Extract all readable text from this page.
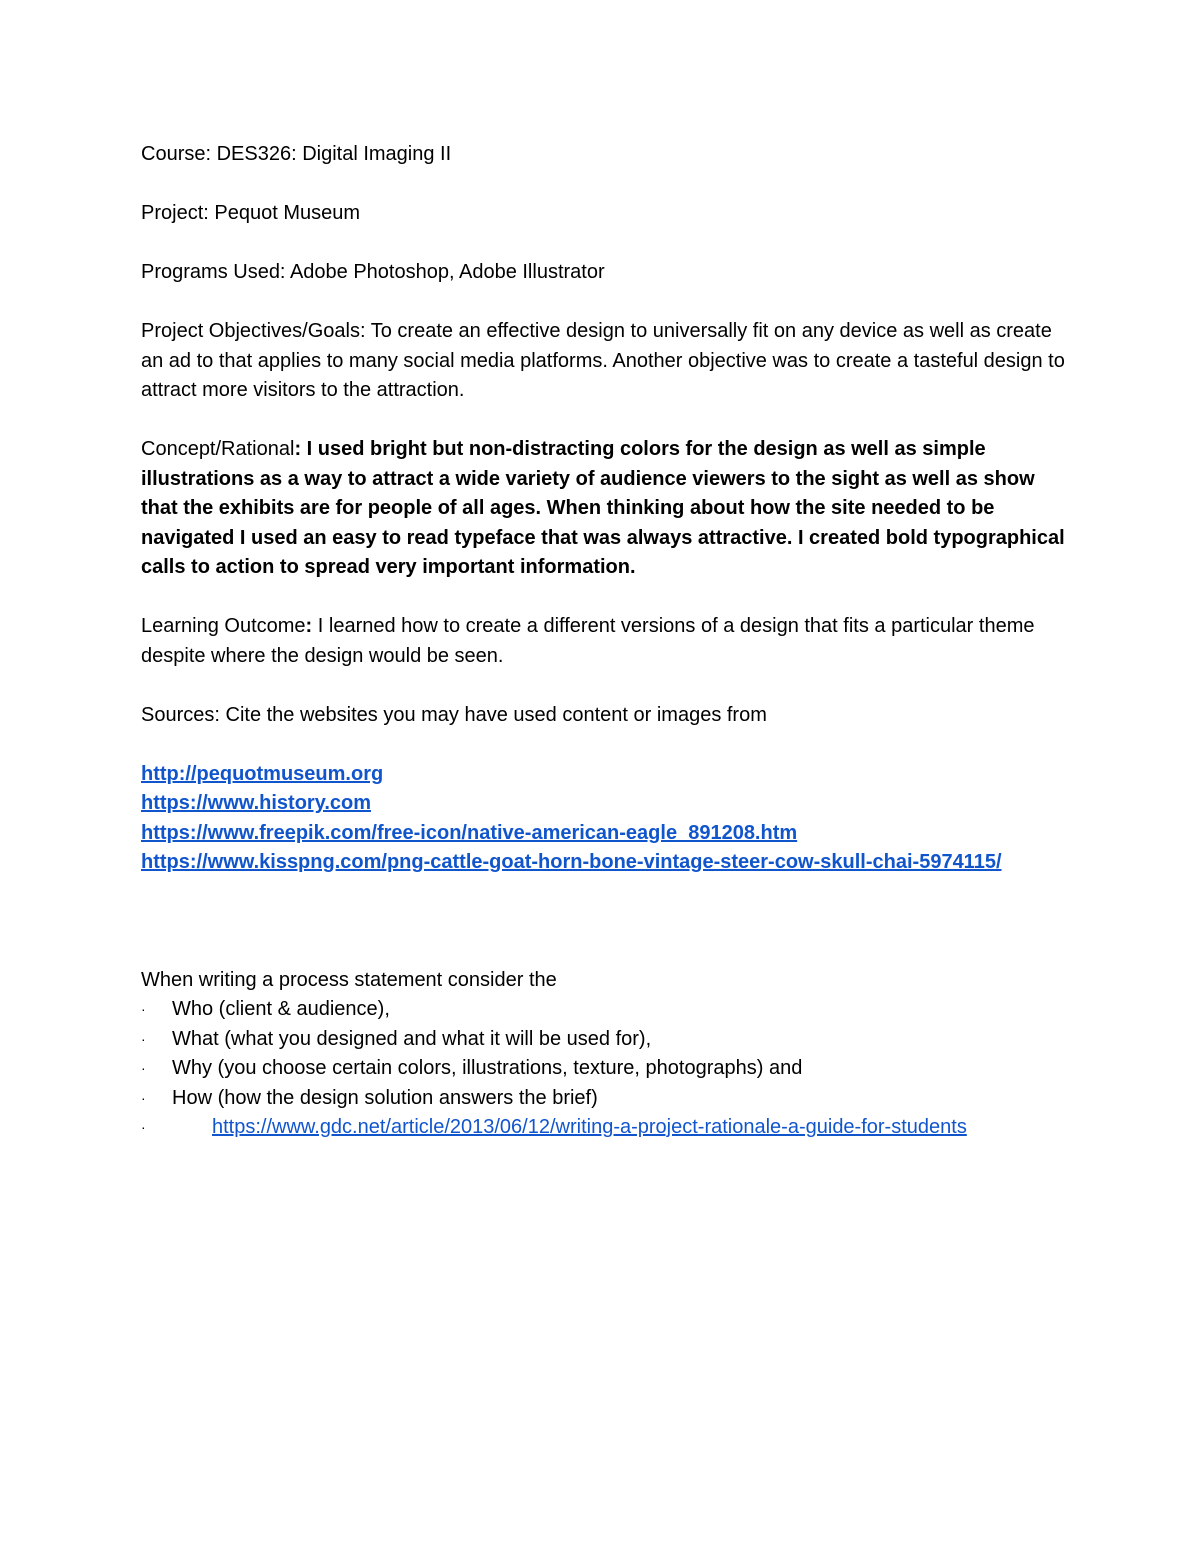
Course: DES326: Digital Imaging II

Project: Pequot Museum

Programs Used: Adobe Photoshop, Adobe Illustrator

Project Objectives/Goals: To create an effective design to universally fit on any device as well as create an ad to that applies to many social media platforms. Another objective was to create a tasteful design to attract more visitors to the attraction.

Concept/Rational: I used bright but non-distracting colors for the design as well as simple illustrations as a way to attract a wide variety of audience viewers to the sight as well as show that the exhibits are for people of all ages. When thinking about how the site needed to be navigated I used an easy to read typeface that was always attractive. I created bold typographical calls to action to spread very important information.

Learning Outcome: I learned how to create a different versions of a design that fits a particular theme despite where the design would be seen.

Sources: Cite the websites you may have used content or images from

http://pequotmuseum.org
https://www.history.com
https://www.freepik.com/free-icon/native-american-eagle_891208.htm
https://www.kisspng.com/png-cattle-goat-horn-bone-vintage-steer-cow-skull-chai-5974115/
When writing a process statement consider the
· Who (client & audience),
· What (what you designed and what it will be used for),
· Why (you choose certain colors, illustrations, texture, photographs) and
· How (how the design solution answers the brief)
·	https://www.gdc.net/article/2013/06/12/writing-a-project-rationale-a-guide-for-students
